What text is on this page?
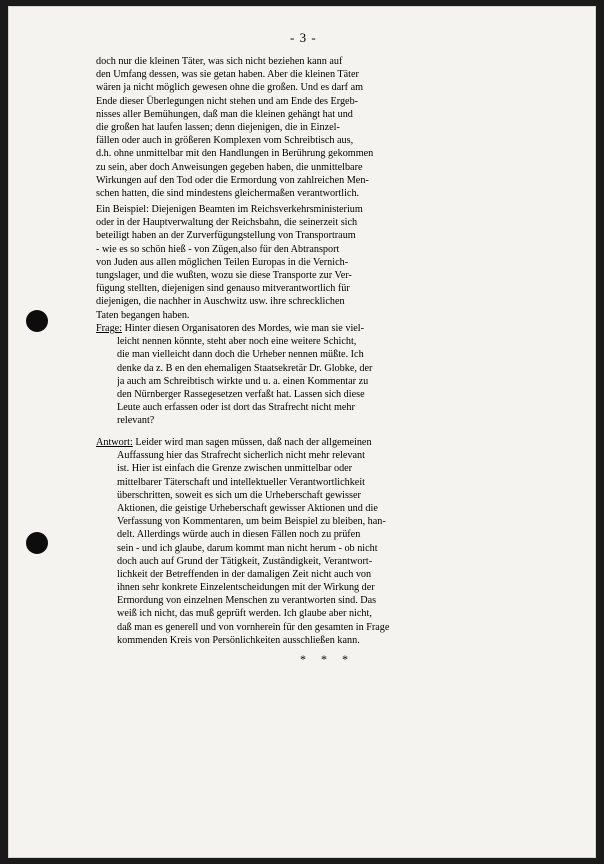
- 3 -
doch nur die kleinen Täter, was sich nicht beziehen kann auf
den Umfang dessen, was sie getan haben. Aber die kleinen Täter
wären ja nicht möglich gewesen ohne die großen. Und es darf am
Ende dieser Überlegungen nicht stehen und am Ende des Ergeb-
nisses aller Bemühungen, daß man die kleinen gehängt hat und
die großen hat laufen lassen; denn diejenigen, die in Einzel-
fällen oder auch in größeren Komplexen vom Schreibtisch aus,
d.h. ohne unmittelbar mit den Handlungen in Berührung gekommen
zu sein, aber doch Anweisungen gegeben haben, die unmittelbare
Wirkungen auf den Tod oder die Ermordung von zahlreichen Men-
schen hatten, die sind mindestens gleichermaßen verantwortlich.
Ein Beispiel: Diejenigen Beamten im Reichsverkehrsministerium
oder in der Hauptverwaltung der Reichsbahn, die seinerzeit sich
beteiligt haben an der Zurverfügungstellung von Transportraum
- wie es so schön hieß - von Zügen,also für den Abtransport
von Juden aus allen möglichen Teilen Europas in die Vernich-
tungslager, und die wußten, wozu sie diese Transporte zur Ver-
fügung stellten, diejenigen sind genauso mitverantwortlich für
diejenigen, die nachher in Auschwitz usw. ihre schrecklichen
Taten begangen haben.
Frage: Hinter diesen Organisatoren des Mordes, wie man sie viel-
leicht nennen könnte, steht aber noch eine weitere Schicht,
die man vielleicht dann doch die Urheber nennen müßte. Ich
denke da z. B en den ehemaligen Staatsekretär Dr. Globke, der
ja auch am Schreibtisch wirkte und u. a. einen Kommentar zu
den Nürnberger Rassegesetzen verfaßt hat. Lassen sich diese
Leute auch erfassen oder ist dort das Strafrecht nicht mehr
relevant?
Antwort: Leider wird man sagen müssen, daß nach der allgemeinen
Auffassung hier das Strafrecht sicherlich nicht mehr relevant
ist. Hier ist einfach die Grenze zwischen unmittelbar oder
mittelbarer Täterschaft und intellektueller Verantwortlichkeit
überschritten, soweit es sich um die Urheberschaft gewisser
Aktionen, die geistige Urheberschaft gewisser Aktionen und die
Verfassung von Kommentaren, um beim Beispiel zu bleiben, han-
delt. Allerdings würde auch in diesen Fällen noch zu prüfen
sein - und ich glaube, darum kommt man nicht herum - ob nicht
doch auch auf Grund der Tätigkeit, Zuständigkeit, Verantwort-
lichkeit der Betreffenden in der damaligen Zeit nicht auch von
ihnen sehr konkrete Einzelentscheidungen mit der Wirkung der
Ermordung von einzelnen Menschen zu verantworten sind. Das
weiß ich nicht, das muß geprüft werden. Ich glaube aber nicht,
daß man es generell und von vornherein für den gesamten in Frage
kommenden Kreis von Persönlichkeiten ausschließen kann.
* * *
